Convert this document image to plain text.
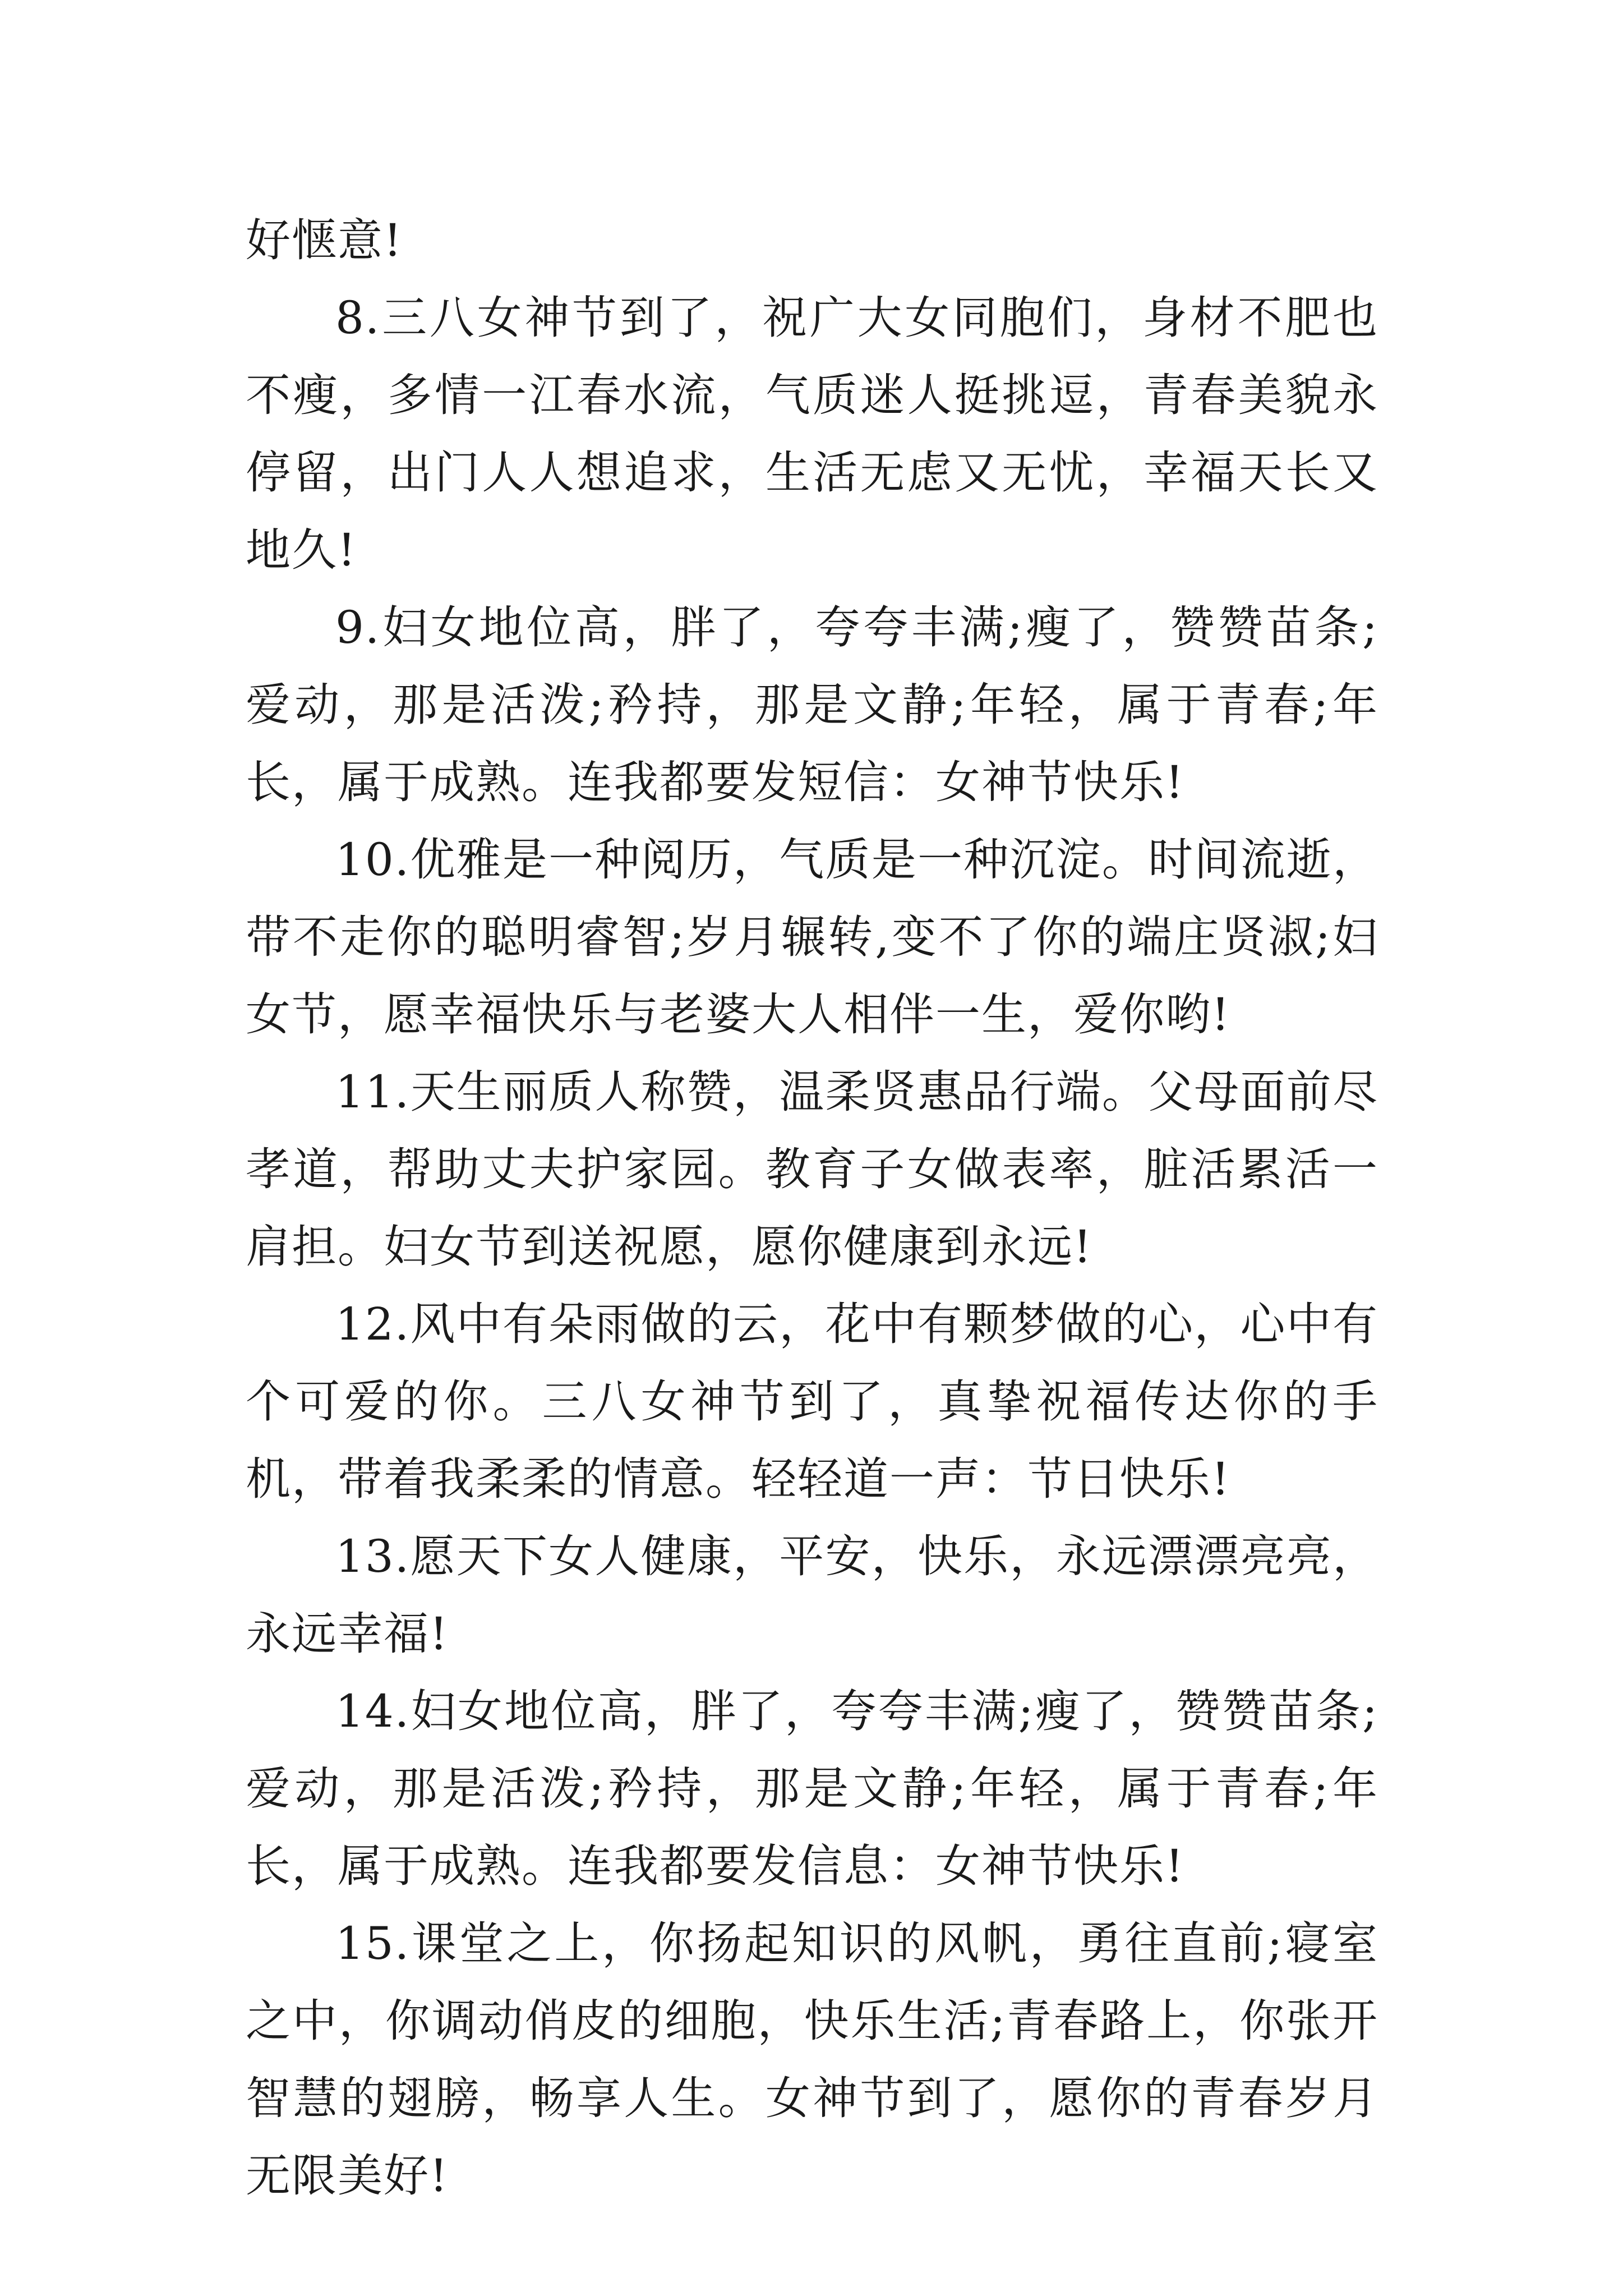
好惬意!

8.三八女神节到了，祝广大女同胞们，身材不肥也不瘦，多情一江春水流，气质迷人挺挑逗，青春美貌永停留，出门人人想追求，生活无虑又无忧，幸福天长又地久!

9.妇女地位高，胖了，夸夸丰满;瘦了，赞赞苗条;爱动，那是活泼;矜持，那是文静;年轻，属于青春;年长，属于成熟。连我都要发短信：女神节快乐!

10.优雅是一种阅历，气质是一种沉淀。时间流逝，带不走你的聪明睿智;岁月辗转,变不了你的端庄贤淑;妇女节，愿幸福快乐与老婆大人相伴一生，爱你哟!

11.天生丽质人称赞，温柔贤惠品行端。父母面前尽孝道，帮助丈夫护家园。教育子女做表率，脏活累活一肩担。妇女节到送祝愿，愿你健康到永远!

12.风中有朵雨做的云，花中有颗梦做的心，心中有个可爱的你。三八女神节到了，真挚祝福传达你的手机，带着我柔柔的情意。轻轻道一声：节日快乐!

13.愿天下女人健康，平安，快乐，永远漂漂亮亮，永远幸福!

14.妇女地位高，胖了，夸夸丰满;瘦了，赞赞苗条;爱动，那是活泼;矜持，那是文静;年轻，属于青春;年长，属于成熟。连我都要发信息：女神节快乐!

15.课堂之上，你扬起知识的风帆，勇往直前;寝室之中，你调动俏皮的细胞，快乐生活;青春路上，你张开智慧的翅膀，畅享人生。女神节到了，愿你的青春岁月无限美好!
